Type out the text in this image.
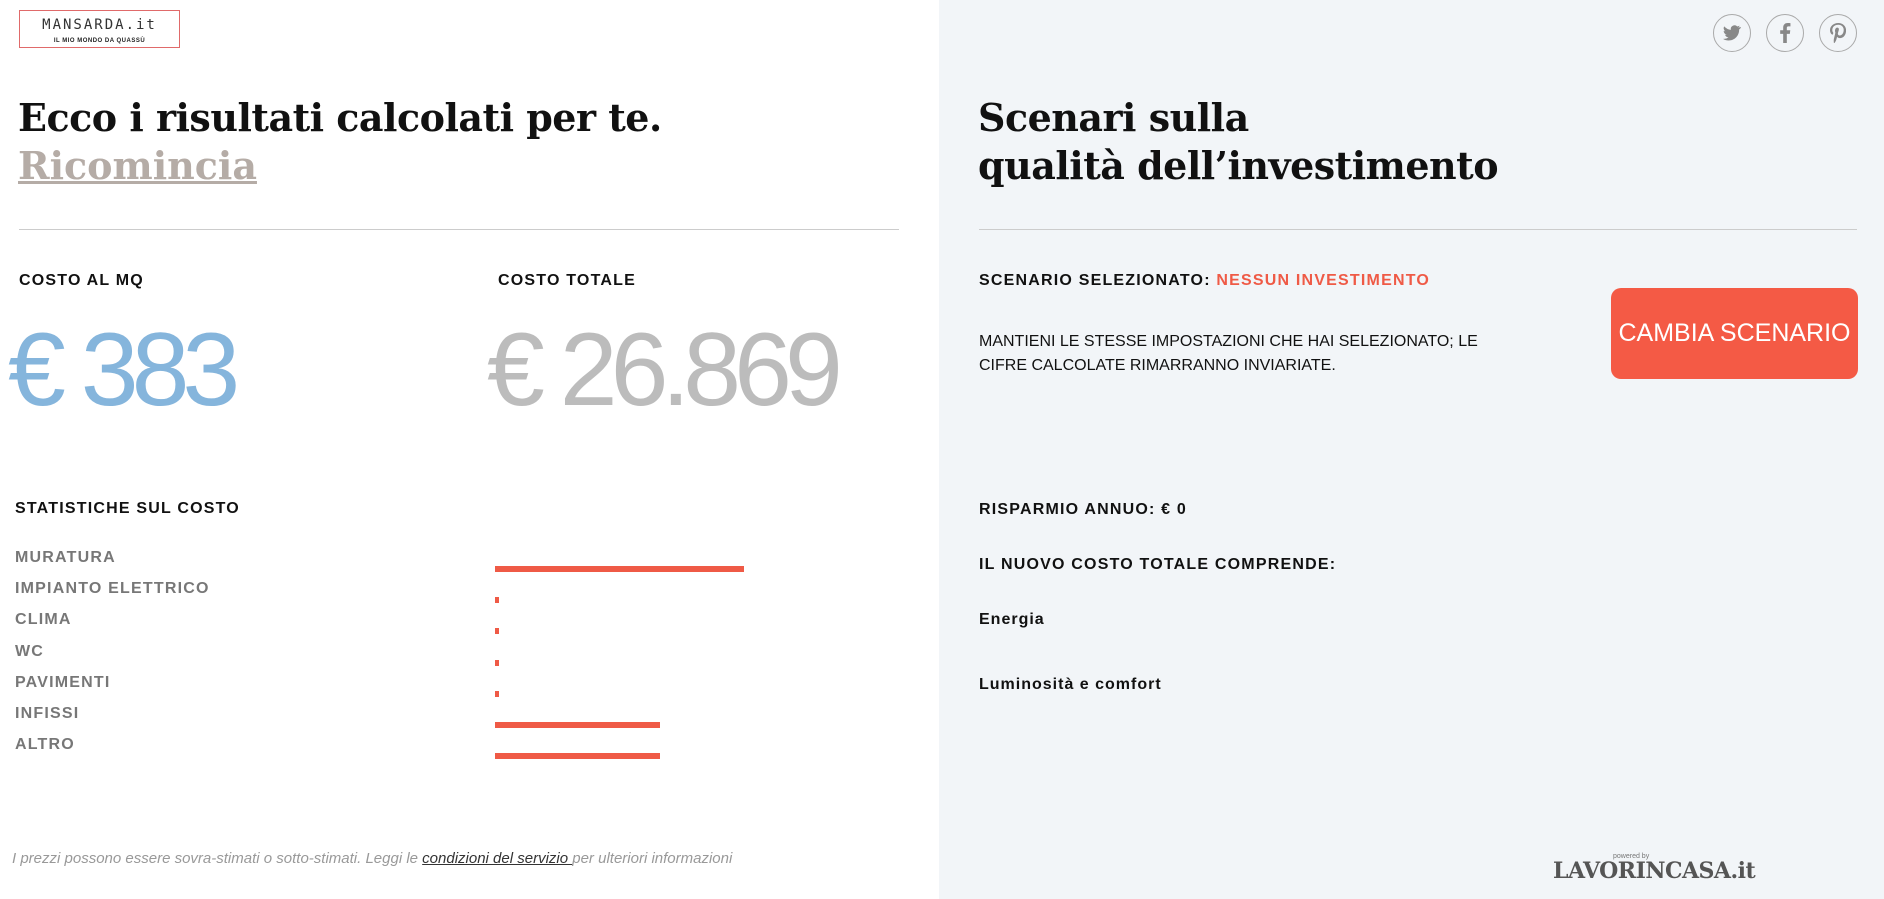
MANSARDA.it
IL MIO MONDO DA QUASSÙ
Ecco i risultati calcolati per te.
Ricomincia
COSTO AL MQ
€ 383
COSTO TOTALE
€ 26.869
STATISTICHE SUL COSTO
MURATURA
IMPIANTO ELETTRICO
CLIMA
WC
PAVIMENTI
INFISSI
ALTRO
I prezzi possono essere sovra-stimati o sotto-stimati. Leggi le condizioni del servizio per ulteriori informazioni
Scenari sulla
qualità dell’investimento
SCENARIO SELEZIONATO: NESSUN INVESTIMENTO
MANTIENI LE STESSE IMPOSTAZIONI CHE HAI SELEZIONATO; LE CIFRE CALCOLATE RIMARRANNO INVIARIATE.
CAMBIA SCENARIO
RISPARMIO ANNUO: € 0
IL NUOVO COSTO TOTALE COMPRENDE:
Energia
Luminosità e comfort
powered by
LAVORINCASA.it
